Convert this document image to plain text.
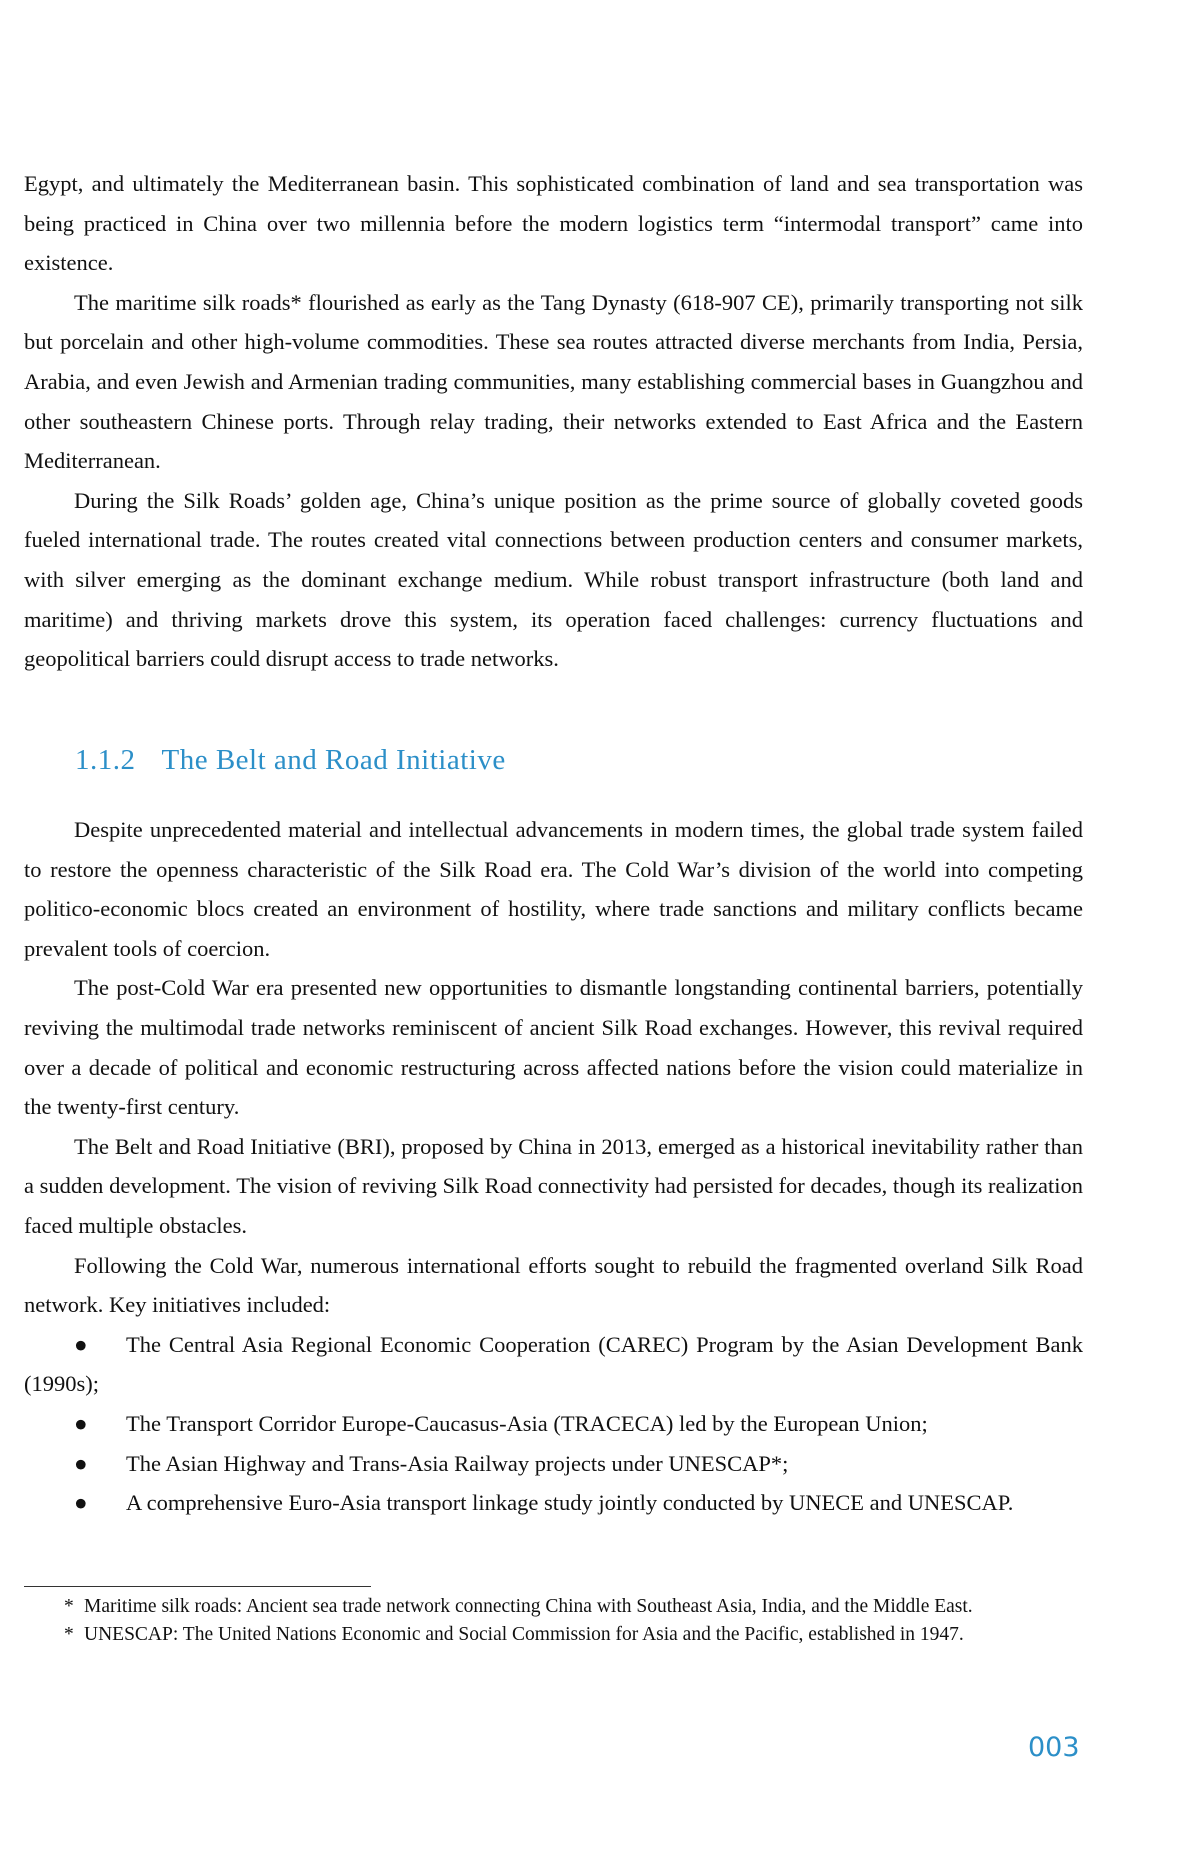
Egypt, and ultimately the Mediterranean basin. This sophisticated combination of land and sea transportation was being practiced in China over two millennia before the modern logistics term “intermodal transport” came into existence.

The maritime silk roads* flourished as early as the Tang Dynasty (618-907 CE), primarily transporting not silk but porcelain and other high-volume commodities. These sea routes attracted diverse merchants from India, Persia, Arabia, and even Jewish and Armenian trading communities, many establishing commercial bases in Guangzhou and other southeastern Chinese ports. Through relay trading, their networks extended to East Africa and the Eastern Mediterranean.

During the Silk Roads’ golden age, China’s unique position as the prime source of globally coveted goods fueled international trade. The routes created vital connections between production centers and consumer markets, with silver emerging as the dominant exchange medium. While robust transport infrastructure (both land and maritime) and thriving markets drove this system, its operation faced challenges: currency fluctuations and geopolitical barriers could disrupt access to trade networks.

1.1.2 The Belt and Road Initiative

Despite unprecedented material and intellectual advancements in modern times, the global trade system failed to restore the openness characteristic of the Silk Road era. The Cold War’s division of the world into competing politico-economic blocs created an environment of hostility, where trade sanctions and military conflicts became prevalent tools of coercion.

The post-Cold War era presented new opportunities to dismantle longstanding continental barriers, potentially reviving the multimodal trade networks reminiscent of ancient Silk Road exchanges. However, this revival required over a decade of political and economic restructuring across affected nations before the vision could materialize in the twenty-first century.

The Belt and Road Initiative (BRI), proposed by China in 2013, emerged as a historical inevitability rather than a sudden development. The vision of reviving Silk Road connectivity had persisted for decades, though its realization faced multiple obstacles.

Following the Cold War, numerous international efforts sought to rebuild the fragmented overland Silk Road network. Key initiatives included:

● The Central Asia Regional Economic Cooperation (CAREC) Program by the Asian Development Bank (1990s);

● The Transport Corridor Europe-Caucasus-Asia (TRACECA) led by the European Union;

● The Asian Highway and Trans-Asia Railway projects under UNESCAP*;

● A comprehensive Euro-Asia transport linkage study jointly conducted by UNECE and UNESCAP.

* Maritime silk roads: Ancient sea trade network connecting China with Southeast Asia, India, and the Middle East.
* UNESCAP: The United Nations Economic and Social Commission for Asia and the Pacific, established in 1947.
003
